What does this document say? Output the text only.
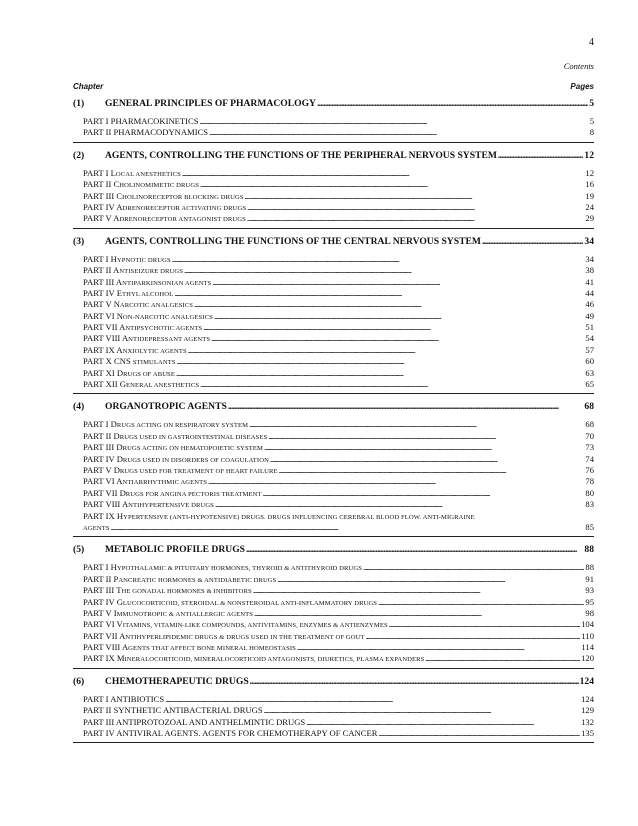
4
Contents
Chapter	Pages
(1)	GENERAL PRINCIPLES OF PHARMACOLOGY . . .	5
PART I PHARMACOKINETICS . . .	5
PART II PHARMACODYNAMICS . . .	8
(2)	AGENTS, CONTROLLING THE FUNCTIONS OF THE PERIPHERAL NERVOUS SYSTEM . . .	12
PART I LOCAL ANESTHETICS . . .	12
PART II CHOLINOMIMETIC DRUGS . . .	16
PART III CHOLINORECEPTOR BLOCKING DRUGS . . .	19
PART IV ADRENORECEPTOR ACTIVATING DRUGS . . .	24
PART V ADRENORECEPTOR ANTAGONIST DRUGS . . .	29
(3)	AGENTS, CONTROLLING THE FUNCTIONS OF THE CENTRAL NERVOUS SYSTEM . . .	34
PART I HYPNOTIC DRUGS . . .	34
PART II ANTISEIZURE DRUGS . . .	38
PART III ANTIPARKINSONIAN AGENTS . . .	41
PART IV ETHYL ALCOHOL . . .	44
PART V NARCOTIC ANALGESICS . . .	46
PART VI NON-NARCOTIC ANALGESICS . . .	49
PART VII ANTIPSYCHOTIC AGENTS . . .	51
PART VIII ANTIDEPRESSANT AGENTS . . .	54
PART IX ANXIOLYTIC AGENTS . . .	57
PART X CNS STIMULANTS . . .	60
PART XI DRUGS OF ABUSE . . .	63
PART XII GENERAL ANESTHETICS . . .	65
(4)	ORGANOTROPIC AGENTS . . .	68
PART I DRUGS ACTING ON RESPIRATORY SYSTEM . . .	68
PART II DRUGS USED IN GASTROINTESTINAL DISEASES . . .	70
PART III DRUGS ACTING ON HEMATOPOIETIC SYSTEM . . .	73
PART IV DRUGS USED IN DISORDERS OF COAGULATION . . .	74
PART V DRUGS USED FOR TREATMENT OF HEART FAILURE . . .	76
PART VI ANTIARRHYTHMIC AGENTS . . .	78
PART VII DRUGS FOR ANGINA PECTORIS TREATMENT . . .	80
PART VIII ANTIHYPERTENSIVE DRUGS . . .	83
PART IX HYPERTENSIVE (ANTI-HYPOTENSIVE) DRUGS. DRUGS INFLUENCING CEREBRAL BLOOD FLOW. ANTI-MIGRAINE
AGENTS . . .	85
(5)	METABOLIC PROFILE DRUGS . . .	88
PART I HYPOTHALAMIC & PITUITARY HORMONES, THYROID & ANTITHYROID DRUGS . . .	88
PART II PANCREATIC HORMONES & ANTIDIABETIC DRUGS . . .	91
PART III THE GONADAL HORMONES & INHIBITORS . . .	93
PART IV GLUCOCORTICOID, STEROIDAL & NONSTEROIDAL ANTI-INFLAMMATORY DRUGS . . .	95
PART V IMMUNOTROPIC & ANTIALLERGIC AGENTS . . .	98
PART VI VITAMINS, VITAMIN-LIKE COMPOUNDS, ANTIVITAMINS, ENZYMES & ANTIENZYMES . . .	104
PART VII ANTIHYPERLIPIDEMIC DRUGS & DRUGS USED IN THE TREATMENT OF GOUT . . .	110
PART VIII AGENTS THAT AFFECT BONE MINERAL HOMEOSTASIS . . .	114
PART IX MINERALOCORTICOID, MINERALOCORTICOID ANTAGONISTS, DIURETICS, PLASMA EXPANDERS . . .	120
(6)	CHEMOTHERAPEUTIC DRUGS . . .	124
PART I ANTIBIOTICS . . .	124
PART II SYNTHETIC ANTIBACTERIAL DRUGS . . .	129
PART III ANTIPROTOZOAL AND ANTHELMINTIC DRUGS . . .	132
PART IV ANTIVIRAL AGENTS. AGENTS FOR CHEMOTHERAPY OF CANCER . . .	135
